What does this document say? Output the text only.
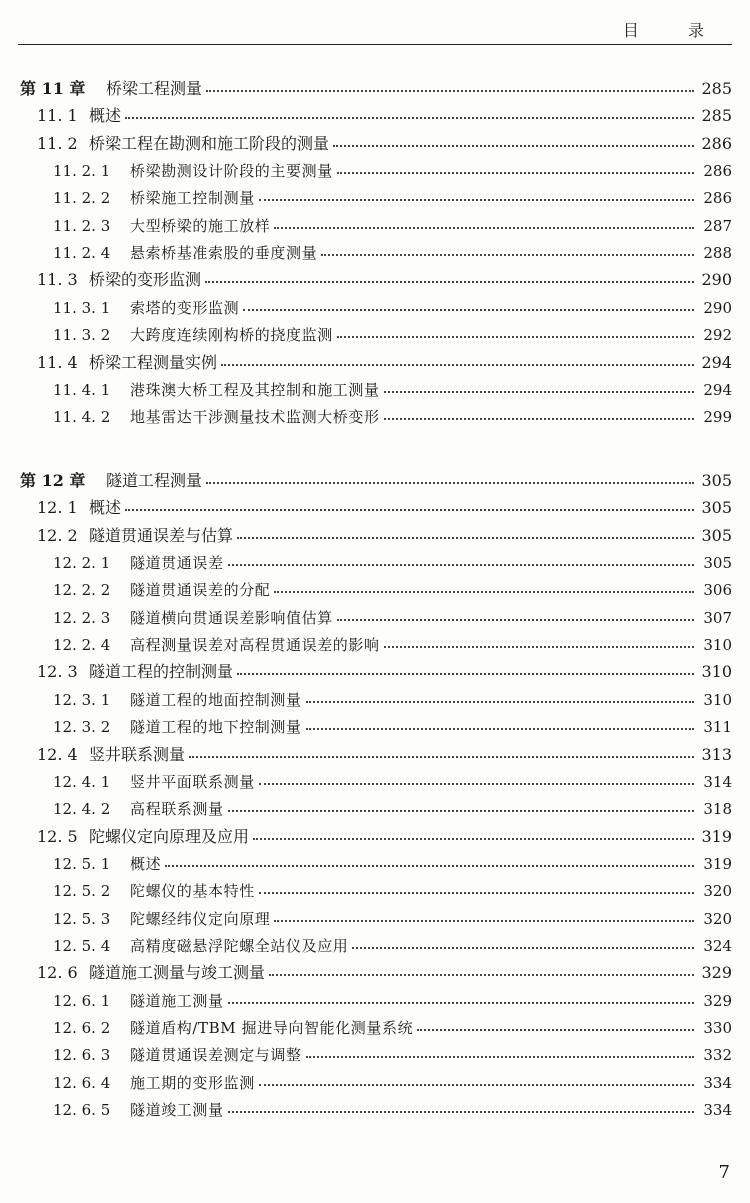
目 录
第 11 章	桥梁工程测量	285
11. 1 概述	285
11. 2 桥梁工程在勘测和施工阶段的测量	286
11. 2. 1	桥梁勘测设计阶段的主要测量	286
11. 2. 2	桥梁施工控制测量	286
11. 2. 3	大型桥梁的施工放样	287
11. 2. 4	悬索桥基准索股的垂度测量	288
11. 3 桥梁的变形监测	290
11. 3. 1	索塔的变形监测	290
11. 3. 2	大跨度连续刚构桥的挠度监测	292
11. 4 桥梁工程测量实例	294
11. 4. 1	港珠澳大桥工程及其控制和施工测量	294
11. 4. 2	地基雷达干涉测量技术监测大桥变形	299
第 12 章	隧道工程测量	305
12. 1 概述	305
12. 2 隧道贯通误差与估算	305
12. 2. 1	隧道贯通误差	305
12. 2. 2	隧道贯通误差的分配	306
12. 2. 3	隧道横向贯通误差影响值估算	307
12. 2. 4	高程测量误差对高程贯通误差的影响	310
12. 3 隧道工程的控制测量	310
12. 3. 1	隧道工程的地面控制测量	310
12. 3. 2	隧道工程的地下控制测量	311
12. 4 竖井联系测量	313
12. 4. 1	竖井平面联系测量	314
12. 4. 2	高程联系测量	318
12. 5 陀螺仪定向原理及应用	319
12. 5. 1	概述	319
12. 5. 2	陀螺仪的基本特性	320
12. 5. 3	陀螺经纬仪定向原理	320
12. 5. 4	高精度磁悬浮陀螺全站仪及应用	324
12. 6 隧道施工测量与竣工测量	329
12. 6. 1	隧道施工测量	329
12. 6. 2	隧道盾构/TBM 掘进导向智能化测量系统	330
12. 6. 3	隧道贯通误差测定与调整	332
12. 6. 4	施工期的变形监测	334
12. 6. 5	隧道竣工测量	334
7
